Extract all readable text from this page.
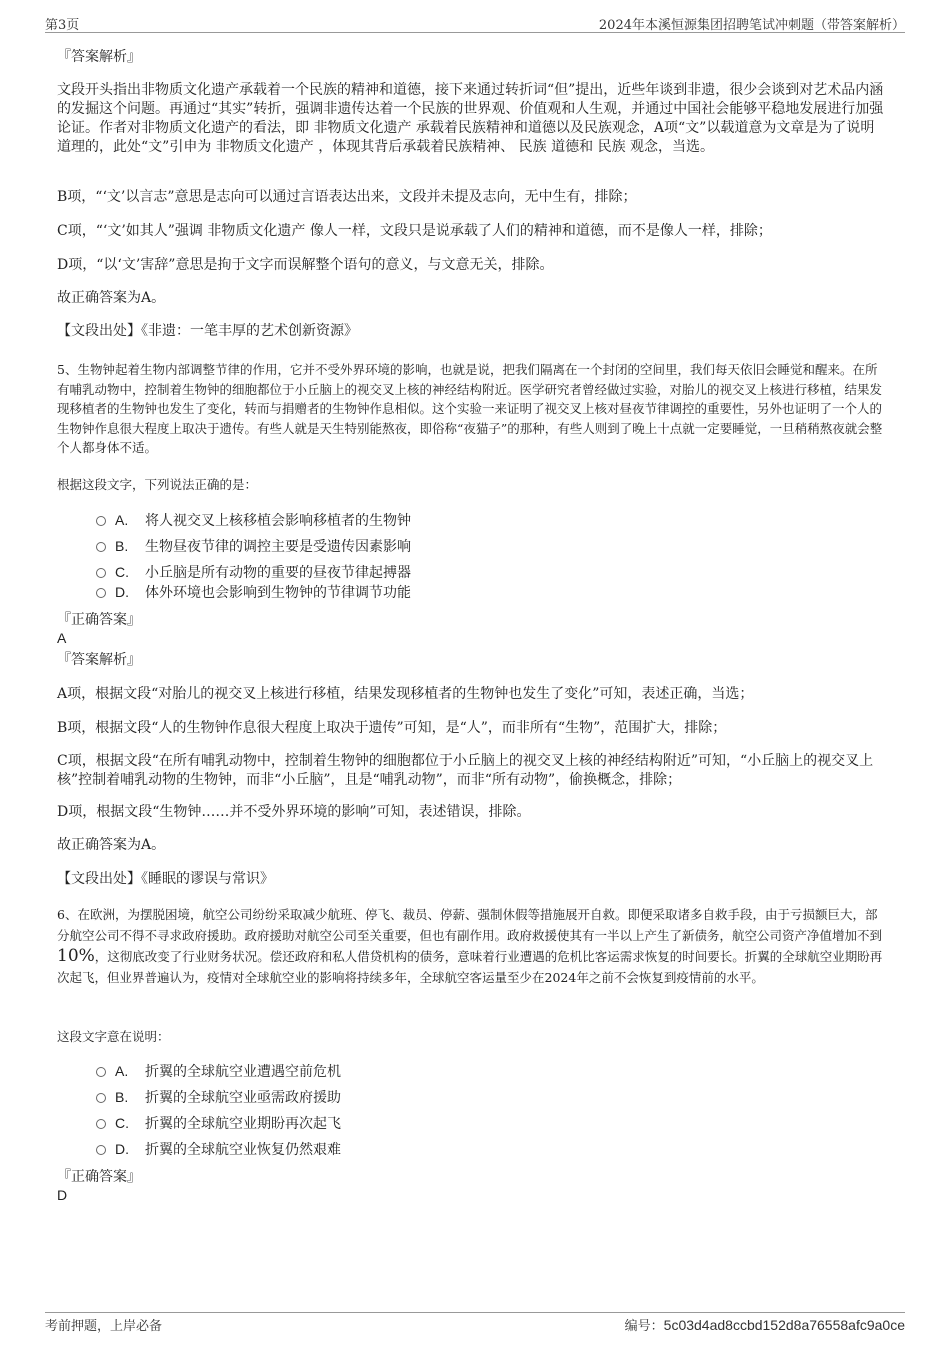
第3页	2024年本溪恒源集团招聘笔试冲刺题（带答案解析）
『答案解析』
文段开头指出非物质文化遗产承载着一个民族的精神和道德，接下来通过转折词“但”提出，近些年谈到非遗，很少会谈到对艺术品内涵的发掘这个问题。再通过“其实”转折，强调非遗传达着一个民族的世界观、价值观和人生观，并通过中国社会能够平稳地发展进行加强论证。作者对非物质文化遗产的看法，即 非物质文化遗产 承载着民族精神和道德以及民族观念，A项“文”以载道意为文章是为了说明道理的，此处“文”引申为 非物质文化遗产 ，体现其背后承载着民族精神、 民族 道德和 民族 观念，当选。
B项，“‘文’以言志”意思是志向可以通过言语表达出来，文段并未提及志向，无中生有，排除；
C项，“‘文’如其人”强调 非物质文化遗产 像人一样，文段只是说承载了人们的精神和道德，而不是像人一样，排除；
D项，“以‘文’害辞”意思是拘于文字而误解整个语句的意义，与文意无关，排除。
故正确答案为A。
【文段出处】《非遗：一笔丰厚的艺术创新资源》
5、生物钟起着生物内部调整节律的作用，它并不受外界环境的影响，也就是说，把我们隔离在一个封闭的空间里，我们每天依旧会睡觉和醒来。在所有哺乳动物中，控制着生物钟的细胞都位于小丘脑上的视交叉上核的神经结构附近。医学研究者曾经做过实验，对胎儿的视交叉上核进行移植，结果发现移植者的生物钟也发生了变化，转而与捐赠者的生物钟作息相似。这个实验一来证明了视交叉上核对昼夜节律调控的重要性，另外也证明了一个人的生物钟作息很大程度上取决于遗传。有些人就是天生特别能熬夜，即俗称“夜猫子”的那种，有些人则到了晚上十点就一定要睡觉，一旦稍稍熬夜就会整个人都身体不适。
根据这段文字，下列说法正确的是：
A. 将人视交叉上核移植会影响移植者的生物钟
B. 生物昼夜节律的调控主要是受遗传因素影响
C. 小丘脑是所有动物的重要的昼夜节律起搏器
D. 体外环境也会影响到生物钟的节律调节功能
『正确答案』
A
『答案解析』
A项，根据文段“对胎儿的视交叉上核进行移植，结果发现移植者的生物钟也发生了变化”可知，表述正确，当选；
B项，根据文段“人的生物钟作息很大程度上取决于遗传”可知，是“人”，而非所有“生物”，范围扩大，排除；
C项，根据文段“在所有哺乳动物中，控制着生物钟的细胞都位于小丘脑上的视交叉上核的神经结构附近”可知，“小丘脑上的视交叉上核”控制着哺乳动物的生物钟，而非“小丘脑”，且是“哺乳动物”，而非“所有动物”，偷换概念，排除；
D项，根据文段“生物钟……并不受外界环境的影响”可知，表述错误，排除。
故正确答案为A。
【文段出处】《睡眠的谬误与常识》
6、在欧洲，为摆脱困境，航空公司纷纷采取减少航班、停飞、裁员、停薪、强制休假等措施展开自救。即便采取诸多自救手段，由于亏损额巨大，部分航空公司不得不寻求政府援助。政府援助对航空公司至关重要，但也有副作用。政府救援使其有一半以上产生了新债务，航空公司资产净值增加不到10%，这彻底改变了行业财务状况。偿还政府和私人借贷机构的债务，意味着行业遭遇的危机比客运需求恢复的时间要长。折翼的全球航空业期盼再次起飞，但业界普遍认为，疫情对全球航空业的影响将持续多年，全球航空客运量至少在2024年之前不会恢复到疫情前的水平。
这段文字意在说明：
A. 折翼的全球航空业遭遇空前危机
B. 折翼的全球航空业亟需政府援助
C. 折翼的全球航空业期盼再次起飞
D. 折翼的全球航空业恢复仍然艰难
『正确答案』
D
考前押题，上岸必备	编号：5c03d4ad8ccbd152d8a76558afc9a0ce
